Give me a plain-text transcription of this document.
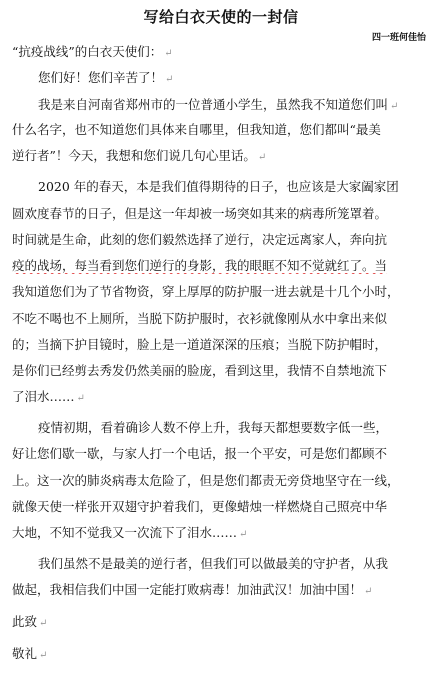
写给白衣天使的一封信
四一班何佳怡
“抗疫战线”的白衣天使们： ↵
您们好！您们辛苦了！ ↵
我是来自河南省郑州市的一位普通小学生，虽然我不知道您们叫 ↵
什么名字，也不知道您们具体来自哪里，但我知道，您们都叫“最美
逆行者”！今天，我想和您们说几句心里话。 ↵
2020 年的春天，本是我们值得期待的日子，也应该是大家阖家团
圆欢度春节的日子，但是这一年却被一场突如其来的病毒所笼罩着。
时间就是生命，此刻的您们毅然选择了逆行，决定远离家人，奔向抗
疫的战场，每当看到您们逆行的身影，我的眼眶不知不觉就红了。当
我知道您们为了节省物资，穿上厚厚的防护服一进去就是十几个小时，
不吃不喝也不上厕所，当脱下防护服时，衣衫就像刚从水中拿出来似
的；当摘下护目镜时，脸上是一道道深深的压痕；当脱下防护帽时，
是你们已经剪去秀发仍然美丽的脸庞，看到这里，我情不自禁地流下
了泪水…… ↵
疫情初期，看着确诊人数不停上升，我每天都想要数字低一些，
好让您们歇一歇，与家人打一个电话，报一个平安，可是您们都顾不
上。这一次的肺炎病毒太危险了，但是您们都责无旁贷地坚守在一线，
就像天使一样张开双翅守护着我们，更像蜡烛一样燃烧自己照亮中华
大地，不知不觉我又一次流下了泪水…… ↵
我们虽然不是最美的逆行者，但我们可以做最美的守护者，从我
做起，我相信我们中国一定能打败病毒！加油武汉！加油中国！ ↵
此致 ↵
敬礼 ↵
